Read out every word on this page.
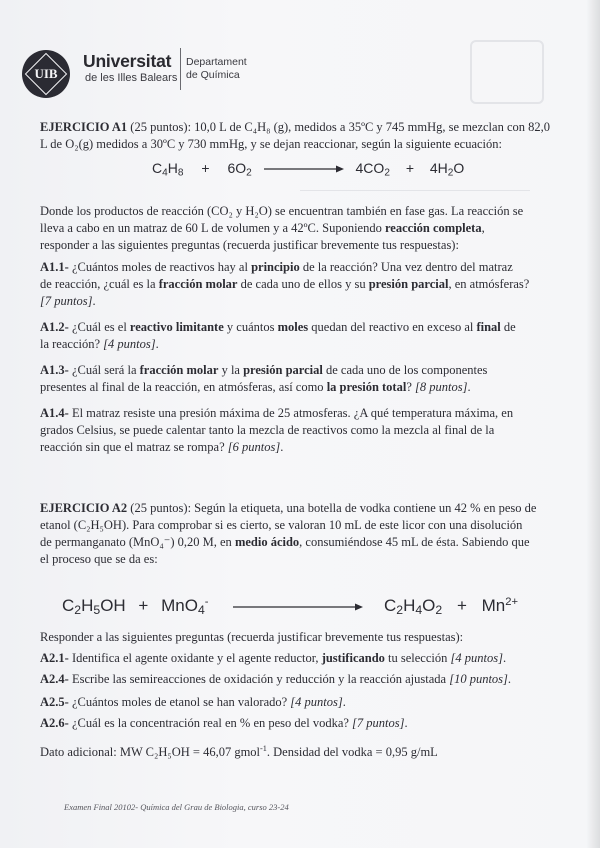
UIB
Universitat
de les Illes Balears
Departament
de Química
EJERCICIO A1 (25 puntos): 10,0 L de C₄H₈ (g), medidos a 35ºC y 745 mmHg, se mezclan con 82,0
L de O₂(g) medidos a 30ºC y 730 mmHg, y se dejan reaccionar, según la siguiente ecuación:
$C_4H_8 + 6O_2$	$4CO_2 + 4H_2O$
Donde los productos de reacción (CO₂ y H₂O) se encuentran también en fase gas. La reacción se
lleva a cabo en un matraz de 60 L de volumen y a 42ºC. Suponiendo reacción completa,
responder a las siguientes preguntas (recuerda justificar brevemente tus respuestas):
A1.1- ¿Cuántos moles de reactivos hay al principio de la reacción? Una vez dentro del matraz
de reacción, ¿cuál es la fracción molar de cada uno de ellos y su presión parcial, en atmósferas?
[7 puntos].
A1.2- ¿Cuál es el reactivo limitante y cuántos moles quedan del reactivo en exceso al final de
la reacción? [4 puntos].
A1.3- ¿Cuál será la fracción molar y la presión parcial de cada uno de los componentes
presentes al final de la reacción, en atmósferas, así como la presión total? [8 puntos].
A1.4- El matraz resiste una presión máxima de 25 atmosferas. ¿A qué temperatura máxima, en
grados Celsius, se puede calentar tanto la mezcla de reactivos como la mezcla al final de la
reacción sin que el matraz se rompa? [6 puntos].
EJERCICIO A2 (25 puntos): Según la etiqueta, una botella de vodka contiene un 42 % en peso de
etanol (C₂H₅OH). Para comprobar si es cierto, se valoran 10 mL de este licor con una disolución
de permanganato (MnO₄⁻) 0,20 M, en medio ácido, consumiéndose 45 mL de ésta. Sabiendo que
el proceso que se da es:
$C_2H_5OH + MnO_4^-$	$C_2H_4O_2 + Mn^{2+}$
Responder a las siguientes preguntas (recuerda justificar brevemente tus respuestas):
A2.1- Identifica el agente oxidante y el agente reductor, justificando tu selección [4 puntos].
A2.4- Escribe las semireacciones de oxidación y reducción y la reacción ajustada [10 puntos].
A2.5- ¿Cuántos moles de etanol se han valorado? [4 puntos].
A2.6- ¿Cuál es la concentración real en % en peso del vodka? [7 puntos].
Dato adicional: MW C₂H₅OH = 46,07 gmol$^{-1}$. Densidad del vodka = 0,95 g/mL
Examen Final 20102- Química del Grau de Biologia, curso 23-24
